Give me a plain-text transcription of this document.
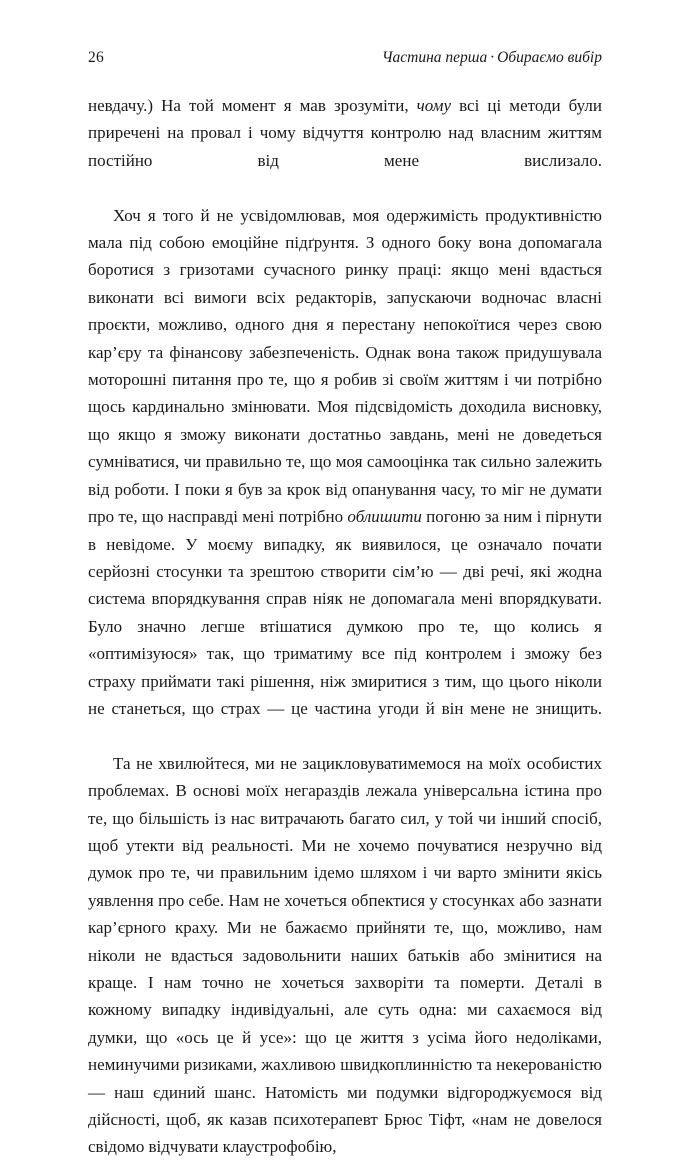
26	Частина перша · Обираємо вибір

невдачу.) На той момент я мав зрозуміти, чому всі ці методи були приречені на провал і чому відчуття контролю над власним життям постійно від мене вислизало.

Хоч я того й не усвідомлював, моя одержимість продуктивністю мала під собою емоційне підґрунтя. З одного боку вона допомагала боротися з гризотами сучасного ринку праці: якщо мені вдасться виконати всі вимоги всіх редакторів, запускаючи водночас власні проєкти, можливо, одного дня я перестану непокоїтися через свою кар’єру та фінансову забезпеченість. Однак вона також придушувала моторошні питання про те, що я робив зі своїм життям і чи потрібно щось кардинально змінювати. Моя підсвідомість доходила висновку, що якщо я зможу виконати достатньо завдань, мені не доведеться сумніватися, чи правильно те, що моя самооцінка так сильно залежить від роботи. І поки я був за крок від опанування часу, то міг не думати про те, що насправді мені потрібно облишити погоню за ним і пірнути в невідоме. У моєму випадку, як виявилося, це означало почати серйозні стосунки та зрештою створити сім’ю — дві речі, які жодна система впорядкування справ ніяк не допомагала мені впорядкувати. Було значно легше втішатися думкою про те, що колись я «оптимізуюся» так, що триматиму все під контролем і зможу без страху приймати такі рішення, ніж змиритися з тим, що цього ніколи не станеться, що страх — це частина угоди й він мене не знищить.

Та не хвилюйтеся, ми не зацикловуватимемося на моїх особистих проблемах. В основі моїх негараздів лежала універсальна істина про те, що більшість із нас витрачають багато сил, у той чи інший спосіб, щоб утекти від реальності. Ми не хочемо почуватися незручно від думок про те, чи правильним ідемо шляхом і чи варто змінити якісь уявлення про себе. Нам не хочеться обпектися у стосунках або зазнати кар’єрного краху. Ми не бажаємо прийняти те, що, можливо, нам ніколи не вдасться задовольнити наших батьків або змінитися на краще. І нам точно не хочеться захворіти та померти. Деталі в кожному випадку індивідуальні, але суть одна: ми сахаємося від думки, що «ось це й усе»: що це життя з усіма його недоліками, неминучими ризиками, жахливою швидкоплинністю та некерованістю — наш єдиний шанс. Натомість ми подумки відгороджуємося від дійсності, щоб, як казав психотерапевт Брюс Тіфт, «нам не довелося свідомо відчувати клаустрофобію,
